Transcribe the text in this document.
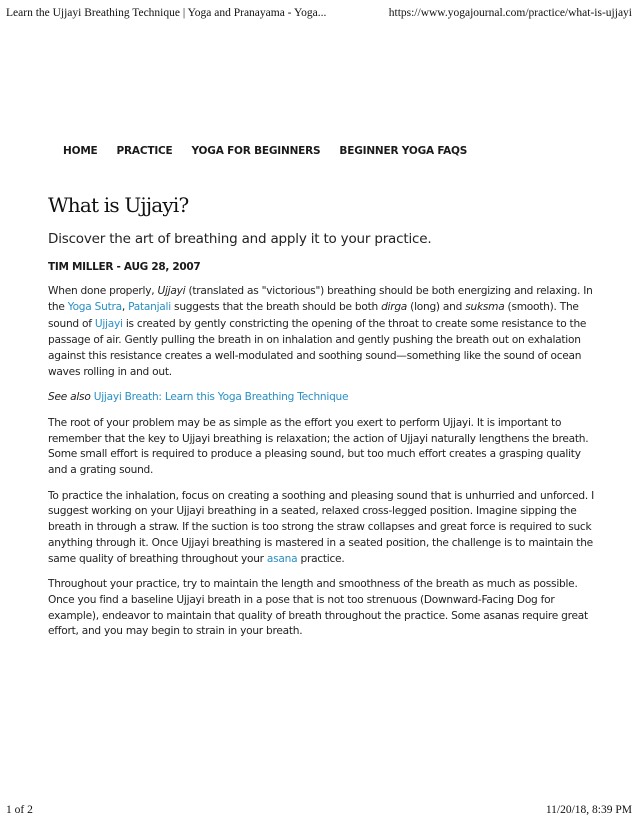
Learn the Ujjayi Breathing Technique | Yoga and Pranayama - Yoga...	https://www.yogajournal.com/practice/what-is-ujjayi
HOME PRACTICE YOGA FOR BEGINNERS BEGINNER YOGA FAQS
What is Ujjayi?

Discover the art of breathing and apply it to your practice.

TIM MILLER - AUG 28, 2007

When done properly, Ujjayi (translated as "victorious") breathing should be both energizing and relaxing. In the Yoga Sutra, Patanjali suggests that the breath should be both dirga (long) and suksma (smooth). The

sound of Ujjayi is created by gently constricting the opening of the throat to create some resistance to the passage of air. Gently pulling the breath in on inhalation and gently pushing the breath out on exhalation against this resistance creates a well-modulated and soothing sound—something like the sound of ocean waves rolling in and out.

See also Ujjayi Breath: Learn this Yoga Breathing Technique

The root of your problem may be as simple as the effort you exert to perform Ujjayi. It is important to remember that the key to Ujjayi breathing is relaxation; the action of Ujjayi naturally lengthens the breath. Some small effort is required to produce a pleasing sound, but too much effort creates a grasping quality and a grating sound.

To practice the inhalation, focus on creating a soothing and pleasing sound that is unhurried and unforced. I suggest working on your Ujjayi breathing in a seated, relaxed cross-legged position. Imagine sipping the breath in through a straw. If the suction is too strong the straw collapses and great force is required to suck anything through it. Once Ujjayi breathing is mastered in a seated position, the challenge is to maintain the same quality of breathing throughout your asana practice.

Throughout your practice, try to maintain the length and smoothness of the breath as much as possible. Once you find a baseline Ujjayi breath in a pose that is not too strenuous (Downward-Facing Dog for example), endeavor to maintain that quality of breath throughout the practice. Some asanas require great effort, and you may begin to strain in your breath.

1 of 2	11/20/18, 8:39 PM
